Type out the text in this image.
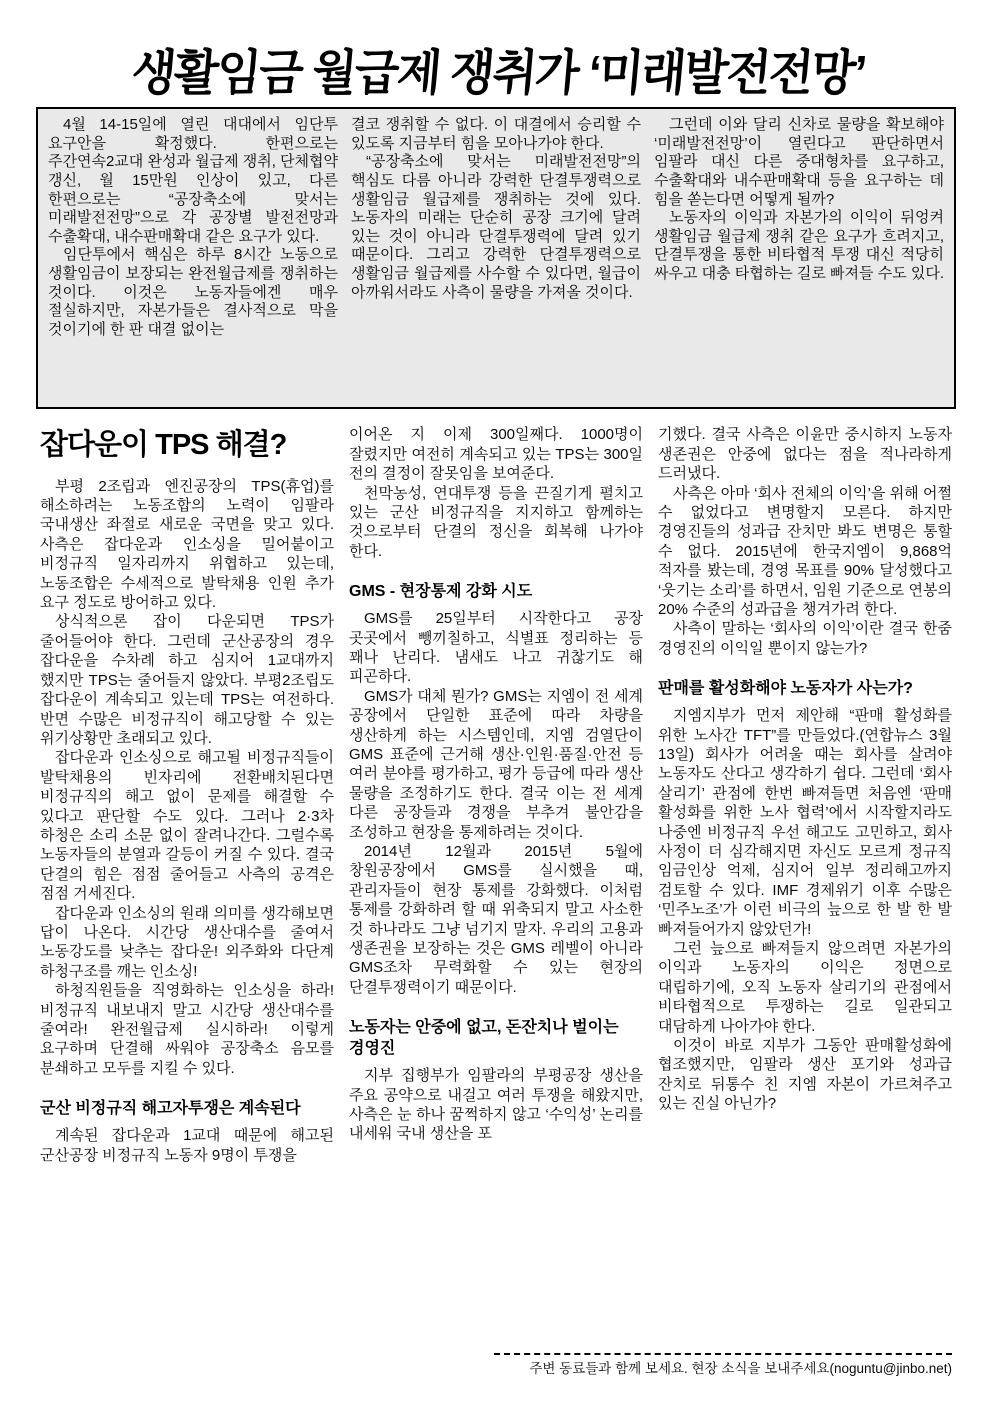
생활임금 월급제 쟁취가 ‘미래발전전망’

4월 14-15일에 열린 대대에서 임단투 요구안을 확정했다. 한편으로는 주간연속2교대 완성과 월급제 쟁취, 단체협약 갱신, 월 15만원 인상이 있고, 다른 한편으로는 “공장축소에 맞서는 미래발전전망”으로 각 공장별 발전전망과 수출확대, 내수판매확대 같은 요구가 있다.

임단투에서 핵심은 하루 8시간 노동으로 생활임금이 보장되는 완전월급제를 쟁취하는 것이다. 이것은 노동자들에겐 매우 절실하지만, 자본가들은 결사적으로 막을 것이기에 한 판 대결 없이는

결코 쟁취할 수 없다. 이 대결에서 승리할 수 있도록 지금부터 힘을 모아나가야 한다.

“공장축소에 맞서는 미래발전전망”의 핵심도 다름 아니라 강력한 단결투쟁력으로 생활임금 월급제를 쟁취하는 것에 있다. 노동자의 미래는 단순히 공장 크기에 달려 있는 것이 아니라 단결투쟁력에 달려 있기 때문이다. 그리고 강력한 단결투쟁력으로 생활임금 월급제를 사수할 수 있다면, 월급이 아까워서라도 사측이 물량을 가져올 것이다.

그런데 이와 달리 신차로 물량을 확보해야 ‘미래발전전망’이 열린다고 판단하면서 임팔라 대신 다른 중대형차를 요구하고, 수출확대와 내수판매확대 등을 요구하는 데 힘을 쏟는다면 어떻게 될까?

노동자의 이익과 자본가의 이익이 뒤엉켜 생활임금 월급제 쟁취 같은 요구가 흐려지고, 단결투쟁을 통한 비타협적 투쟁 대신 적당히 싸우고 대충 타협하는 길로 빠져들 수도 있다.

잡다운이 TPS 해결?

부평 2조립과 엔진공장의 TPS(휴업)를 해소하려는 노동조합의 노력이 임팔라 국내생산 좌절로 새로운 국면을 맞고 있다. 사측은 잡다운과 인소싱을 밀어붙이고 비정규직 일자리까지 위협하고 있는데, 노동조합은 수세적으로 발탁채용 인원 추가 요구 정도로 방어하고 있다.

상식적으론 잡이 다운되면 TPS가 줄어들어야 한다. 그런데 군산공장의 경우 잡다운을 수차례 하고 심지어 1교대까지 했지만 TPS는 줄어들지 않았다. 부평2조립도 잡다운이 계속되고 있는데 TPS는 여전하다. 반면 수많은 비정규직이 해고당할 수 있는 위기상황만 초래되고 있다.

잡다운과 인소싱으로 해고될 비정규직들이 발탁채용의 빈자리에 전환배치된다면 비정규직의 해고 없이 문제를 해결할 수 있다고 판단할 수도 있다. 그러나 2·3차 하청은 소리 소문 없이 잘려나간다. 그럴수록 노동자들의 분열과 갈등이 커질 수 있다. 결국 단결의 힘은 점점 줄어들고 사측의 공격은 점점 거세진다.

잡다운과 인소싱의 원래 의미를 생각해보면 답이 나온다. 시간당 생산대수를 줄여서 노동강도를 낮추는 잡다운! 외주화와 다단계 하청구조를 깨는 인소싱!

하청직원들을 직영화하는 인소싱을 하라! 비정규직 내보내지 말고 시간당 생산대수를 줄여라! 완전월급제 실시하라! 이렇게 요구하며 단결해 싸워야 공장축소 음모를 분쇄하고 모두를 지킬 수 있다.

군산 비정규직 해고자투쟁은 계속된다

계속된 잡다운과 1교대 때문에 해고된 군산공장 비정규직 노동자 9명이 투쟁을

이어온 지 이제 300일째다. 1000명이 잘렸지만 여전히 계속되고 있는 TPS는 300일 전의 결정이 잘못임을 보여준다.

천막농성, 연대투쟁 등을 끈질기게 펼치고 있는 군산 비정규직을 지지하고 함께하는 것으로부터 단결의 정신을 회복해 나가야 한다.

GMS - 현장통제 강화 시도

GMS를 25일부터 시작한다고 공장 곳곳에서 뺑끼칠하고, 식별표 정리하는 등 꽤나 난리다. 냄새도 나고 귀찮기도 해 피곤하다.

GMS가 대체 뭔가? GMS는 지엠이 전 세계 공장에서 단일한 표준에 따라 차량을 생산하게 하는 시스템인데, 지엠 검열단이 GMS 표준에 근거해 생산·인원·품질·안전 등 여러 분야를 평가하고, 평가 등급에 따라 생산 물량을 조정하기도 한다. 결국 이는 전 세계 다른 공장들과 경쟁을 부추겨 불안감을 조성하고 현장을 통제하려는 것이다.

2014년 12월과 2015년 5월에 창원공장에서 GMS를 실시했을 때, 관리자들이 현장 통제를 강화했다. 이처럼 통제를 강화하려 할 때 위축되지 말고 사소한 것 하나라도 그냥 넘기지 말자. 우리의 고용과 생존권을 보장하는 것은 GMS 레벨이 아니라 GMS조차 무력화할 수 있는 현장의 단결투쟁력이기 때문이다.

노동자는 안중에 없고, 돈잔치나 벌이는 경영진

지부 집행부가 임팔라의 부평공장 생산을 주요 공약으로 내걸고 여러 투쟁을 해왔지만, 사측은 눈 하나 꿈쩍하지 않고 ‘수익성’ 논리를 내세워 국내 생산을 포

기했다. 결국 사측은 이윤만 중시하지 노동자 생존권은 안중에 없다는 점을 적나라하게 드러냈다.

사측은 아마 ‘회사 전체의 이익’을 위해 어쩔 수 없었다고 변명할지 모른다. 하지만 경영진들의 성과급 잔치만 봐도 변명은 통할 수 없다. 2015년에 한국지엠이 9,868억 적자를 봤는데, 경영 목표를 90% 달성했다고 ‘웃기는 소리’를 하면서, 임원 기준으로 연봉의 20% 수준의 성과급을 챙겨가려 한다.

사측이 말하는 ‘회사의 이익’이란 결국 한줌 경영진의 이익일 뿐이지 않는가?

판매를 활성화해야 노동자가 사는가?

지엠지부가 먼저 제안해 “판매 활성화를 위한 노사간 TFT”를 만들었다.(연합뉴스 3월 13일) 회사가 어려울 때는 회사를 살려야 노동자도 산다고 생각하기 쉽다. 그런데 ‘회사 살리기’ 관점에 한번 빠져들면 처음엔 ‘판매 활성화를 위한 노사 협력’에서 시작할지라도 나중엔 비정규직 우선 해고도 고민하고, 회사 사정이 더 심각해지면 자신도 모르게 정규직 임금인상 억제, 심지어 일부 정리해고까지 검토할 수 있다. IMF 경제위기 이후 수많은 ‘민주노조’가 이런 비극의 늪으로 한 발 한 발 빠져들어가지 않았던가!

그런 늪으로 빠져들지 않으려면 자본가의 이익과 노동자의 이익은 정면으로 대립하기에, 오직 노동자 살리기의 관점에서 비타협적으로 투쟁하는 길로 일관되고 대담하게 나아가야 한다.

이것이 바로 지부가 그동안 판매활성화에 협조했지만, 임팔라 생산 포기와 성과급 잔치로 뒤통수 친 지엠 자본이 가르쳐주고 있는 진실 아닌가?

주변 동료들과 함께 보세요. 현장 소식을 보내주세요(noguntu@jinbo.net)
